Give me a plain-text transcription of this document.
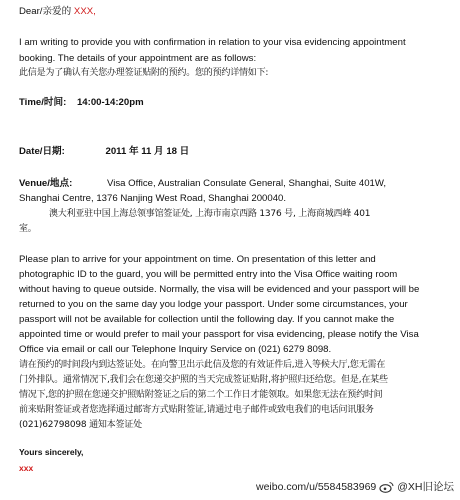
Dear/亲爱的 XXX,
I am writing to provide you with confirmation in relation to your visa evidencing appointment
booking. The details of your appointment are as follows:
此信是为了确认有关您办理签证贴附的预约。您的预约详情如下:
Time/时间: 14:00-14:20pm
Date/日期:	2011 年 11 月 18 日
Venue/地点:	Visa Office, Australian Consulate General, Shanghai, Suite 401W,
Shanghai Centre, 1376 Nanjing West Road, Shanghai 200040.
澳大利亚驻中国上海总领事馆签证处, 上海市南京西路 1376 号, 上海商城西峰 401
室。
Please plan to arrive for your appointment on time. On presentation of this letter and
photographic ID to the guard, you will be permitted entry into the Visa Office waiting room
without having to queue outside. Normally, the visa will be evidenced and your passport will be
returned to you on the same day you lodge your passport. Under some circumstances, your
passport will not be available for collection until the following day. If you cannot make the
appointed time or would prefer to mail your passport for visa evidencing, please notify the Visa
Office via email or call our Telephone Inquiry Service on (021) 6279 8098.
请在预约的时间段内到达签证处。在向警卫出示此信及您的有效证件后,进入等候大厅,您无需在
门外排队。通常情况下,我们会在您递交护照的当天完成签证贴附,将护照归还给您。但是,在某些
情况下,您的护照在您递交护照贴附签证之后的第二个工作日才能领取。如果您无法在预约时间
前来贴附签证或者您选择通过邮寄方式贴附签证,请通过电子邮件或致电我们的电话问讯服务
(021)62798098 通知本签证处
Yours sincerely,
xxx
weibo.com/u/5584583969 @XH旧论坛
